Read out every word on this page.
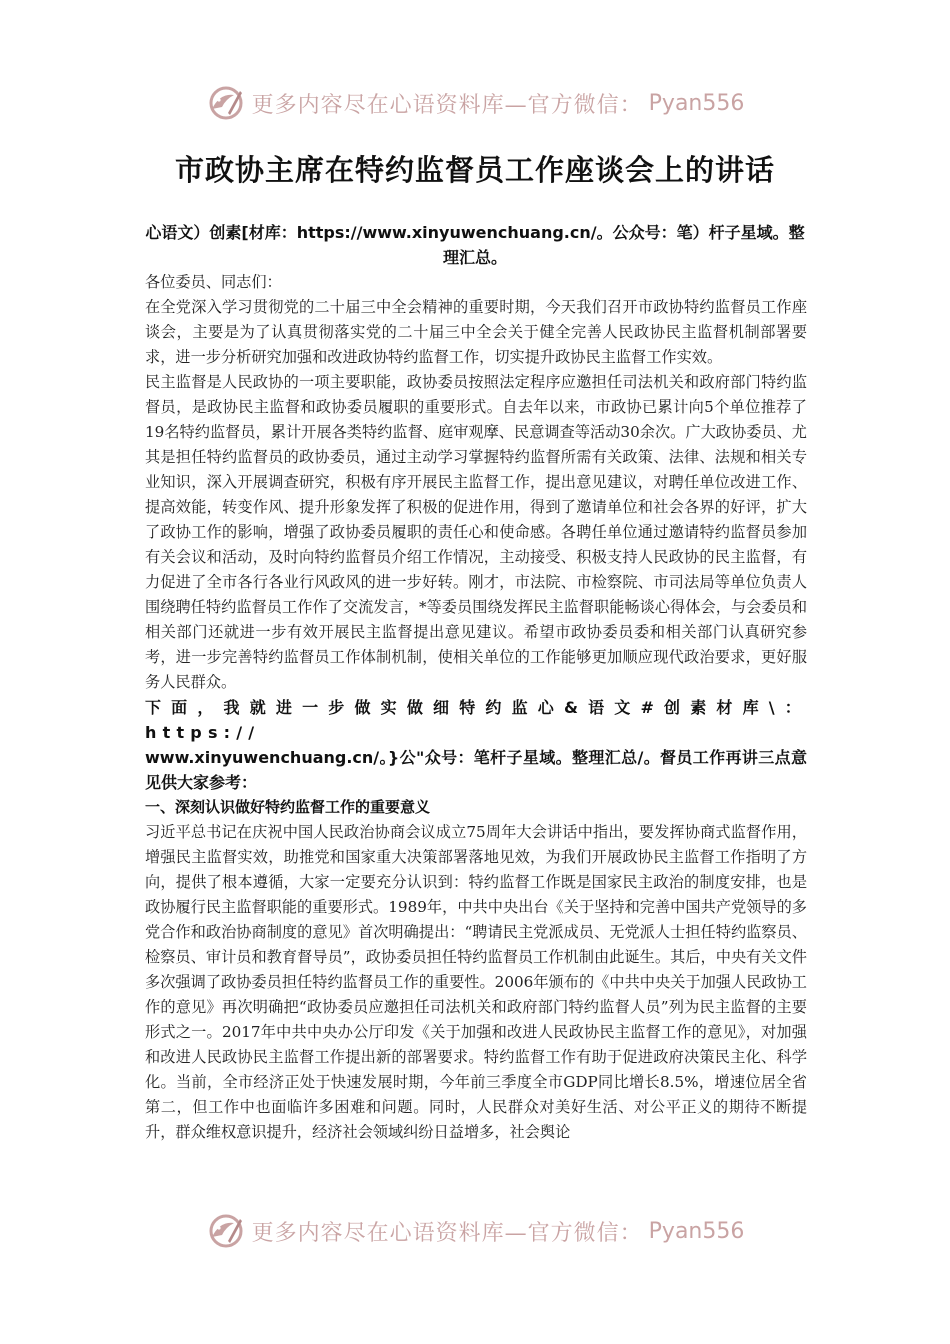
更多内容尽在心语资料库—官方微信： Pyan556
市政协主席在特约监督员工作座谈会上的讲话
心语文）创素[材库：https://www.xinyuwenchuang.cn/。公众号：笔）杆子星域。整理汇总。

各位委员、同志们：

在全党深入学习贯彻党的二十届三中全会精神的重要时期，今天我们召开市政协特约监督员工作座谈会，主要是为了认真贯彻落实党的二十届三中全会关于健全完善人民政协民主监督机制部署要求，进一步分析研究加强和改进政协特约监督工作，切实提升政协民主监督工作实效。

民主监督是人民政协的一项主要职能，政协委员按照法定程序应邀担任司法机关和政府部门特约监督员，是政协民主监督和政协委员履职的重要形式。自去年以来，市政协已累计向5个单位推荐了19名特约监督员，累计开展各类特约监督、庭审观摩、民意调查等活动30余次。广大政协委员、尤其是担任特约监督员的政协委员，通过主动学习掌握特约监督所需有关政策、法律、法规和相关专业知识，深入开展调查研究，积极有序开展民主监督工作，提出意见建议，对聘任单位改进工作、提高效能，转变作风、提升形象发挥了积极的促进作用，得到了邀请单位和社会各界的好评，扩大了政协工作的影响，增强了政协委员履职的责任心和使命感。各聘任单位通过邀请特约监督员参加有关会议和活动，及时向特约监督员介绍工作情况，主动接受、积极支持人民政协的民主监督，有力促进了全市各行各业行风政风的进一步好转。刚才，市法院、市检察院、市司法局等单位负责人围绕聘任特约监督员工作作了交流发言，*等委员围绕发挥民主监督职能畅谈心得体会，与会委员和相关部门还就进一步有效开展民主监督提出意见建议。希望市政协委员委和相关部门认真研究参考，进一步完善特约监督员工作体制机制，使相关单位的工作能够更加顺应现代政治要求，更好服务人民群众。

下面，我就进一步做实做细特约监心&语文#创素材库\：https://

www.xinyuwenchuang.cn/。}公"众号：笔杆子星域。整理汇总/。督员工作再讲三点意见供大家参考：

一、深刻认识做好特约监督工作的重要意义

习近平总书记在庆祝中国人民政治协商会议成立75周年大会讲话中指出，要发挥协商式监督作用，增强民主监督实效，助推党和国家重大决策部署落地见效，为我们开展政协民主监督工作指明了方向，提供了根本遵循，大家一定要充分认识到：特约监督工作既是国家民主政治的制度安排，也是政协履行民主监督职能的重要形式。1989年，中共中央出台《关于坚持和完善中国共产党领导的多党合作和政治协商制度的意见》首次明确提出：“聘请民主党派成员、无党派人士担任特约监察员、检察员、审计员和教育督导员”，政协委员担任特约监督员工作机制由此诞生。其后，中央有关文件多次强调了政协委员担任特约监督员工作的重要性。2006年颁布的《中共中央关于加强人民政协工作的意见》再次明确把“政协委员应邀担任司法机关和政府部门特约监督人员”列为民主监督的主要形式之一。2017年中共中央办公厅印发《关于加强和改进人民政协民主监督工作的意见》，对加强和改进人民政协民主监督工作提出新的部署要求。特约监督工作有助于促进政府决策民主化、科学化。当前，全市经济正处于快速发展时期，今年前三季度全市GDP同比增长8.5%，增速位居全省第二，但工作中也面临许多困难和问题。同时，人民群众对美好生活、对公平正义的期待不断提升，群众维权意识提升，经济社会领域纠纷日益增多，社会舆论

更多内容尽在心语资料库—官方微信： Pyan556
